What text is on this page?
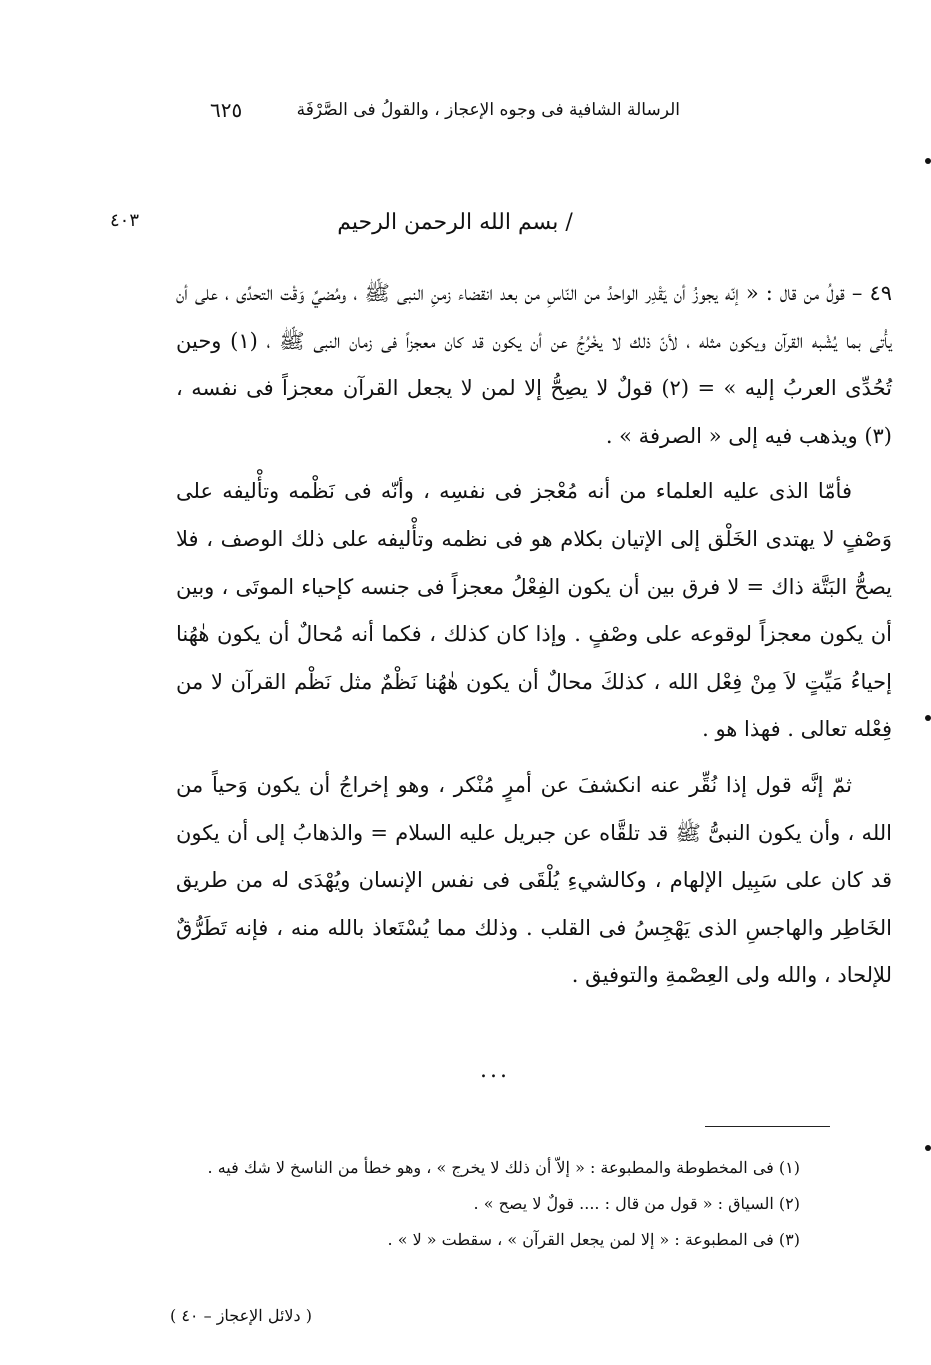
الرسالة الشافية فى وجوه الإعجاز ، والقولُ فى الصَّرْفَة
٦٢٥
/ بسم الله الرحمن الرحيم
٤٠٣

٤٩ – قولُ من قال : « إنّه يجوزُ أن يَقْدِر الواحدُ من النّاسِ من بعد انقضاء زمنِ النبى ﷺ ، ومُضيِّ وَقْت التحدِّى ، على أن يأْتى بما يُشْبه القرآن ويكون مثله ، لأنّ ذلك لا يخْرُجُ عن أن يكون قد كان معجزاً فى زمان النبى ﷺ ، (١) وحين تُحُدِّى العربُ إليه » = (٢) قولٌ لا يصِحُّ إلا لمن لا يجعل القرآن معجزاً فى نفسه ، (٣) ويذهب فيه إلى « الصرفة » .

فأمّا الذى عليه العلماء من أنه مُعْجز فى نفسِه ، وأنّه فى نَظْمه وتأْليفه على وَصْفٍ لا يهتدى الخَلْق إلى الإتيان بكلام هو فى نظمه وتأْليفه على ذلك الوصف ، فلا يصحُّ البَتَّة ذاك = لا فرق بين أن يكون الفِعْلُ معجزاً فى جنسه كإحياء الموتَى ، وبين أن يكون معجزاً لوقوعه على وصْفٍ . وإذا كان كذلك ، فكما أنه مُحالٌ أن يكون هٰهُنا إحياءُ مَيِّتٍ لاَ مِنْ فِعْل الله ، كذلكَ محالٌ أن يكون هٰهُنا نَظْمٌ مثل نَظْم القرآن لا من فِعْله تعالى . فهذا هو .

ثمّ إنَّه قول إذا نُقِّر عنه انكشفَ عن أمرٍ مُنْكر ، وهو إخراجُ أن يكون وَحياً من الله ، وأن يكون النبىُّ ﷺ قد تلقَّاه عن جبريل عليه السلام = والذهابُ إلى أن يكون قد كان على سَبِيل الإلهام ، وكالشيءِ يُلْقَى فى نفس الإنسان ويُهْدَى له من طريق الخَاطِر والهاجسِ الذى يَهْجِسُ فى القلب . وذلك مما يُسْتَعاذ بالله منه ، فإنه تَطَرُّقٌ للإلحاد ، والله ولى العِصْمةِ والتوفيق .

...
(١) فى المخطوطة والمطبوعة : « إلاّ أن ذلك لا يخرج » ، وهو خطأ من الناسخ لا شك فيه .
(٢) السياق : « قول من قال : .... قولٌ لا يصح » .
(٣) فى المطبوعة : « إلا لمن يجعل القرآن » ، سقطت « لا » .
( دلائل الإعجاز – ٤٠ )
